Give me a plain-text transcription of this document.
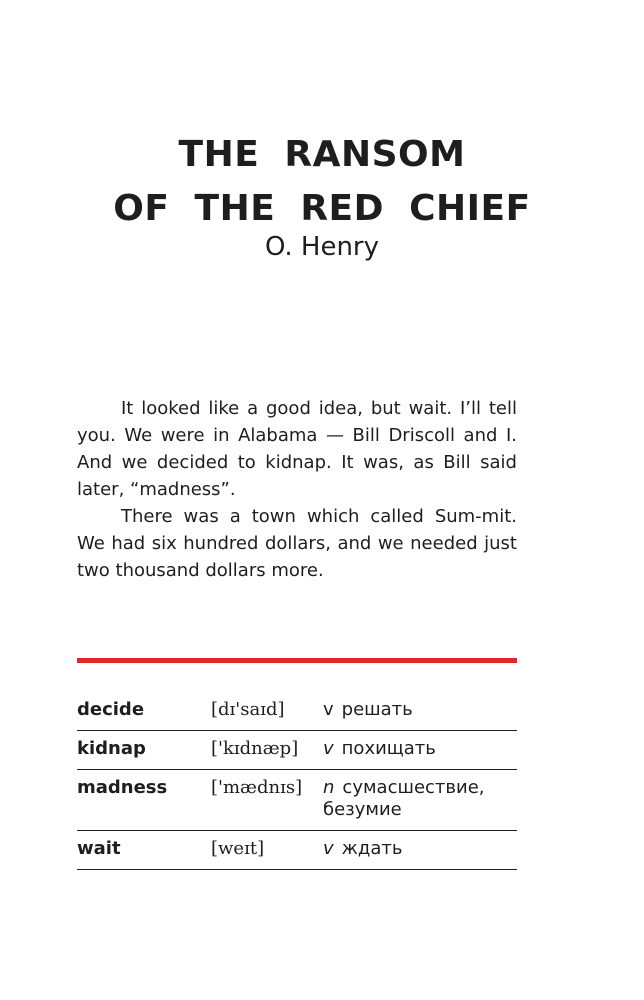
THE RANSOM
OF THE RED CHIEF
O. Henry

It looked like a good idea, but wait. I’ll tell you. We were in Alabama — Bill Driscoll and I. And we decided to kidnap. It was, as Bill said later, “madness”.

There was a town which called Sum-mit. We had six hundred dollars, and we needed just two thousand dollars more.

decide	[dɪ'saɪd]	v решать
kidnap	['kɪdnæp]	v похищать
madness	['mædnɪs]	n сумасшествие, безумие
wait	[weɪt]	v ждать
